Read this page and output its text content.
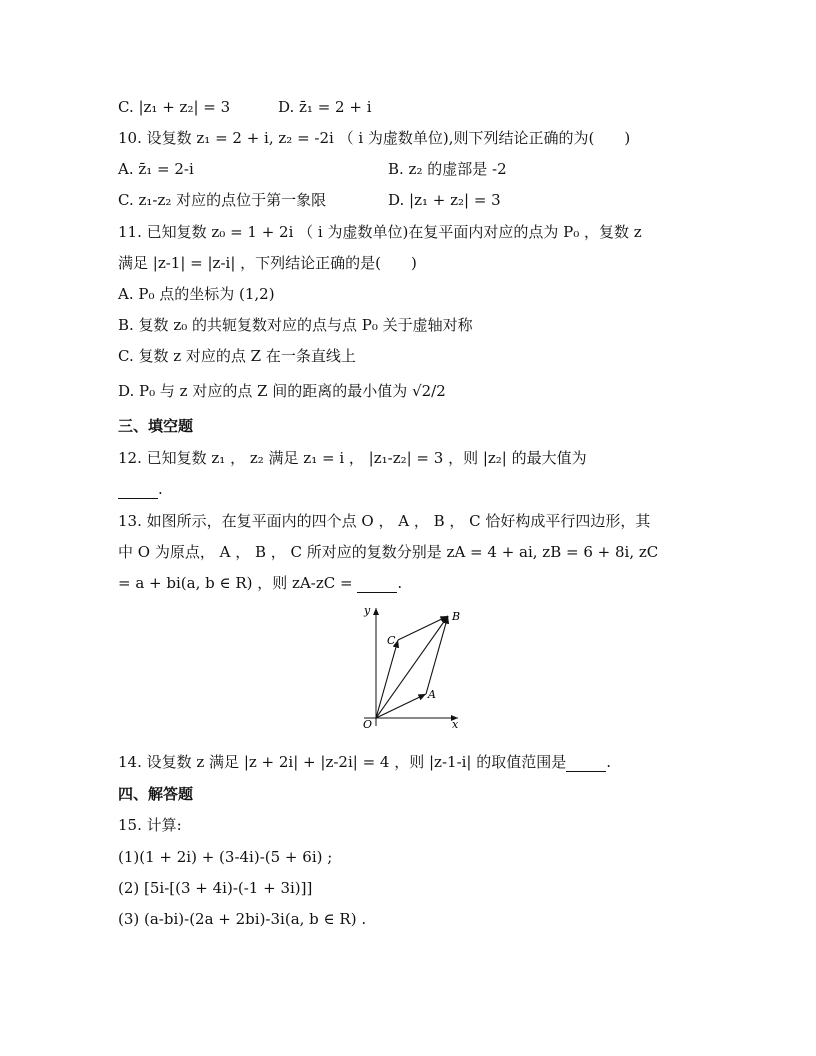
C. |z₁ + z₂| = 3	D. z̄₁ = 2 + i
10. 设复数 z₁ = 2 + i, z₂ = -2i （ i 为虚数单位),则下列结论正确的为(　　)
A. z̄₁ = 2-i	B. z₂ 的虚部是 -2
C. z₁-z₂ 对应的点位于第一象限	D. |z₁ + z₂| = 3
11. 已知复数 z₀ = 1 + 2i （ i 为虚数单位)在复平面内对应的点为 P₀ ，复数 z
满足 |z-1| = |z-i| ，下列结论正确的是(　　)
A. P₀ 点的坐标为 (1,2)
B. 复数 z₀ 的共轭复数对应的点与点 P₀ 关于虚轴对称
C. 复数 z 对应的点 Z 在一条直线上
D. P₀ 与 z 对应的点 Z 间的距离的最小值为 √2/2
三、填空题
12. 已知复数 z₁ ， z₂ 满足 z₁ = i ， |z₁-z₂| = 3 ，则 |z₂| 的最大值为
.
13. 如图所示，在复平面内的四个点 O ， A ， B ， C 恰好构成平行四边形，其
中 O 为原点， A ， B ， C 所对应的复数分别是 zA = 4 + ai, zB = 6 + 8i, zC
= a + bi(a, b ∈ R) ，则 zA-zC =	.
y
x
O
A
B
C
14. 设复数 z 满足 |z + 2i| + |z-2i| = 4 ，则 |z-1-i| 的取值范围是	.
四、解答题
15. 计算:
(1)(1 + 2i) + (3-4i)-(5 + 6i) ;
(2) [5i-[(3 + 4i)-(-1 + 3i)]]
(3) (a-bi)-(2a + 2bi)-3i(a, b ∈ R) .
